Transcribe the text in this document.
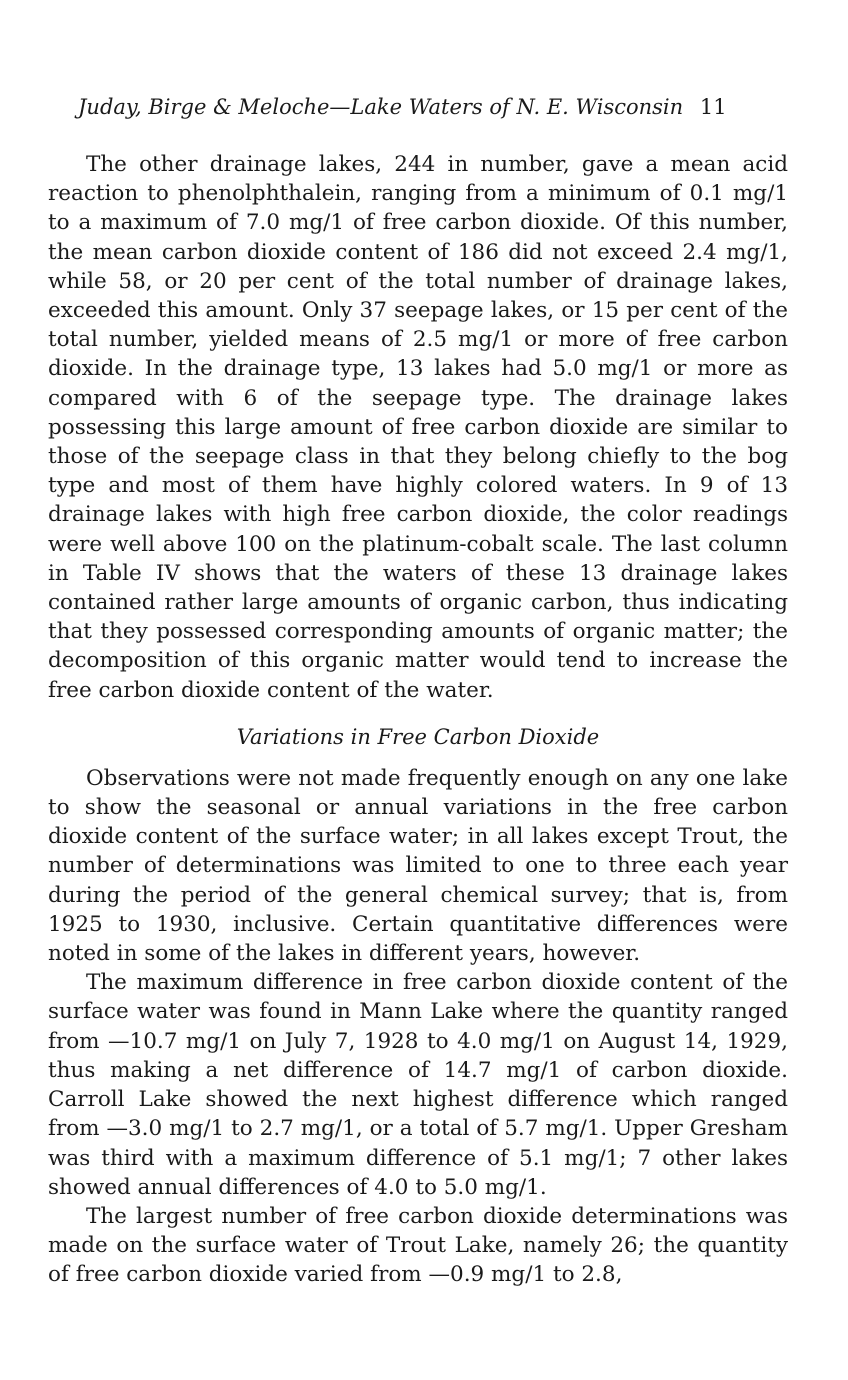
Juday, Birge & Meloche—Lake Waters of N. E. Wisconsin 11

The other drainage lakes, 244 in number, gave a mean acid reaction to phenolphthalein, ranging from a minimum of 0.1 mg/1 to a maximum of 7.0 mg/1 of free carbon dioxide. Of this number, the mean carbon dioxide content of 186 did not exceed 2.4 mg/1, while 58, or 20 per cent of the total number of drainage lakes, exceeded this amount. Only 37 seepage lakes, or 15 per cent of the total number, yielded means of 2.5 mg/1 or more of free carbon dioxide. In the drainage type, 13 lakes had 5.0 mg/1 or more as compared with 6 of the seepage type. The drainage lakes possessing this large amount of free carbon dioxide are similar to those of the seepage class in that they belong chiefly to the bog type and most of them have highly colored waters. In 9 of 13 drainage lakes with high free carbon dioxide, the color readings were well above 100 on the platinum-cobalt scale. The last column in Table IV shows that the waters of these 13 drainage lakes contained rather large amounts of organic carbon, thus indicating that they possessed corresponding amounts of organic matter; the decomposition of this organic matter would tend to increase the free carbon dioxide content of the water.

Variations in Free Carbon Dioxide

Observations were not made frequently enough on any one lake to show the seasonal or annual variations in the free carbon dioxide content of the surface water; in all lakes except Trout, the number of determinations was limited to one to three each year during the period of the general chemical survey; that is, from 1925 to 1930, inclusive. Certain quantitative differences were noted in some of the lakes in different years, however.

The maximum difference in free carbon dioxide content of the surface water was found in Mann Lake where the quantity ranged from —10.7 mg/1 on July 7, 1928 to 4.0 mg/1 on August 14, 1929, thus making a net difference of 14.7 mg/1 of carbon dioxide. Carroll Lake showed the next highest difference which ranged from —3.0 mg/1 to 2.7 mg/1, or a total of 5.7 mg/1. Upper Gresham was third with a maximum difference of 5.1 mg/1; 7 other lakes showed annual differences of 4.0 to 5.0 mg/1.

The largest number of free carbon dioxide determinations was made on the surface water of Trout Lake, namely 26; the quantity of free carbon dioxide varied from —0.9 mg/1 to 2.8,
